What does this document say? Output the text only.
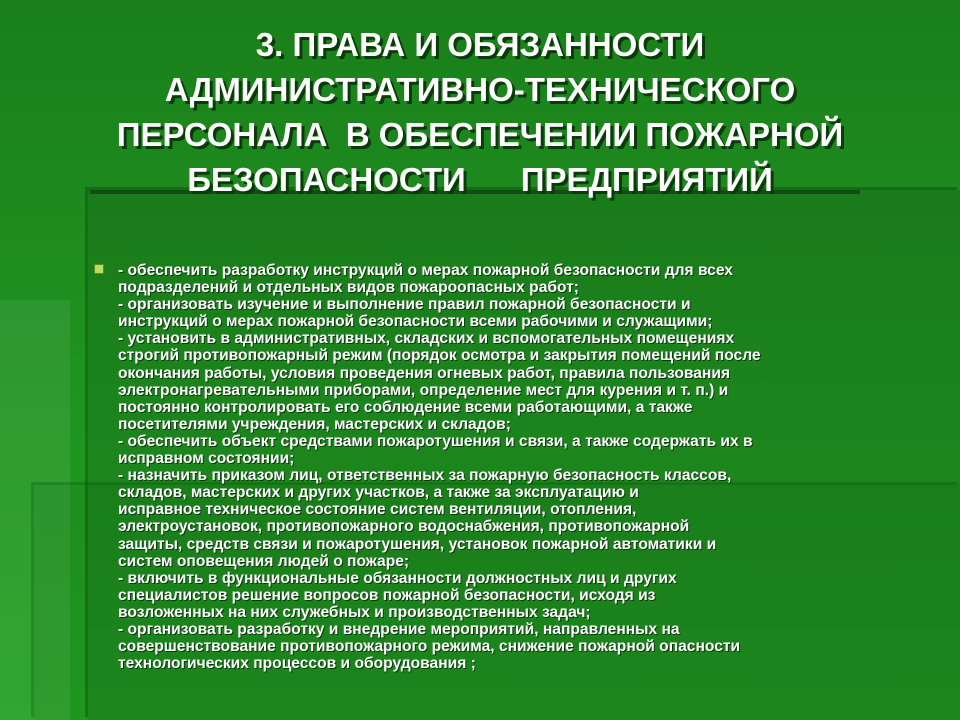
3. ПРАВА И ОБЯЗАННОСТИ
АДМИНИСТРАТИВНО-ТЕХНИЧЕСКОГО
ПЕРСОНАЛА  В ОБЕСПЕЧЕНИИ ПОЖАРНОЙ
БЕЗОПАСНОСТИ      ПРЕДПРИЯТИЙ
- обеспечить разработку инструкций о мерах пожарной безопасности для всех
подразделений и отдельных видов пожароопасных работ;
- организовать изучение и выполнение правил пожарной безопасности и
инструкций о мерах пожарной безопасности всеми рабочими и служащими;
- установить в административных, складских и вспомогательных помещениях
строгий противопожарный режим (порядок осмотра и закрытия помещений после
окончания работы, условия проведения огневых работ, правила пользования
электронагревательными приборами, определение мест для курения и т. п.) и
постоянно контролировать его соблюдение всеми работающими, а также
посетителями учреждения, мастерских и складов;
- обеспечить объект средствами пожаротушения и связи, а также содержать их в
исправном состоянии;
- назначить приказом лиц, ответственных за пожарную безопасность классов,
складов, мастерских и других участков, а также за эксплуатацию и
исправное техническое состояние систем вентиляции, отопления,
электроустановок, противопожарного водоснабжения, противопожарной
защиты, средств связи и пожаротушения, установок пожарной автоматики и
систем оповещения людей о пожаре;
- включить в функциональные обязанности должностных лиц и других
специалистов решение вопросов пожарной безопасности, исходя из
возложенных на них служебных и производственных задач;
- организовать разработку и внедрение мероприятий, направленных на
совершенствование противопожарного режима, снижение пожарной опасности
технологических процессов и оборудования ;
